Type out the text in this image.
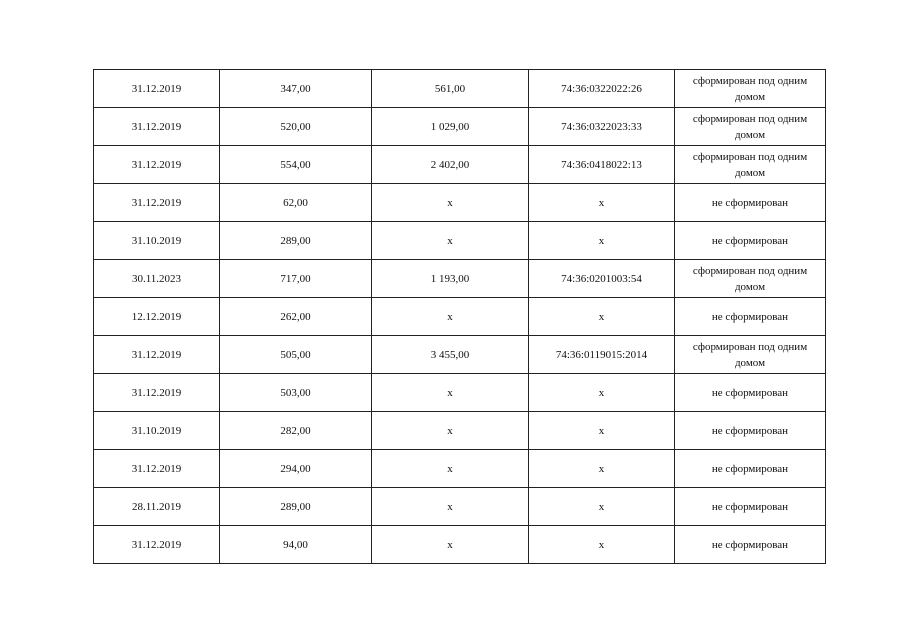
31.12.2019	347,00	561,00	74:36:0322022:26	сформирован под одним домом
31.12.2019	520,00	1 029,00	74:36:0322023:33	сформирован под одним домом
31.12.2019	554,00	2 402,00	74:36:0418022:13	сформирован под одним домом
31.12.2019	62,00	х	х	не сформирован
31.10.2019	289,00	х	х	не сформирован
30.11.2023	717,00	1 193,00	74:36:0201003:54	сформирован под одним домом
12.12.2019	262,00	х	х	не сформирован
31.12.2019	505,00	3 455,00	74:36:0119015:2014	сформирован под одним домом
31.12.2019	503,00	х	х	не сформирован
31.10.2019	282,00	х	х	не сформирован
31.12.2019	294,00	х	х	не сформирован
28.11.2019	289,00	х	х	не сформирован
31.12.2019	94,00	х	х	не сформирован
